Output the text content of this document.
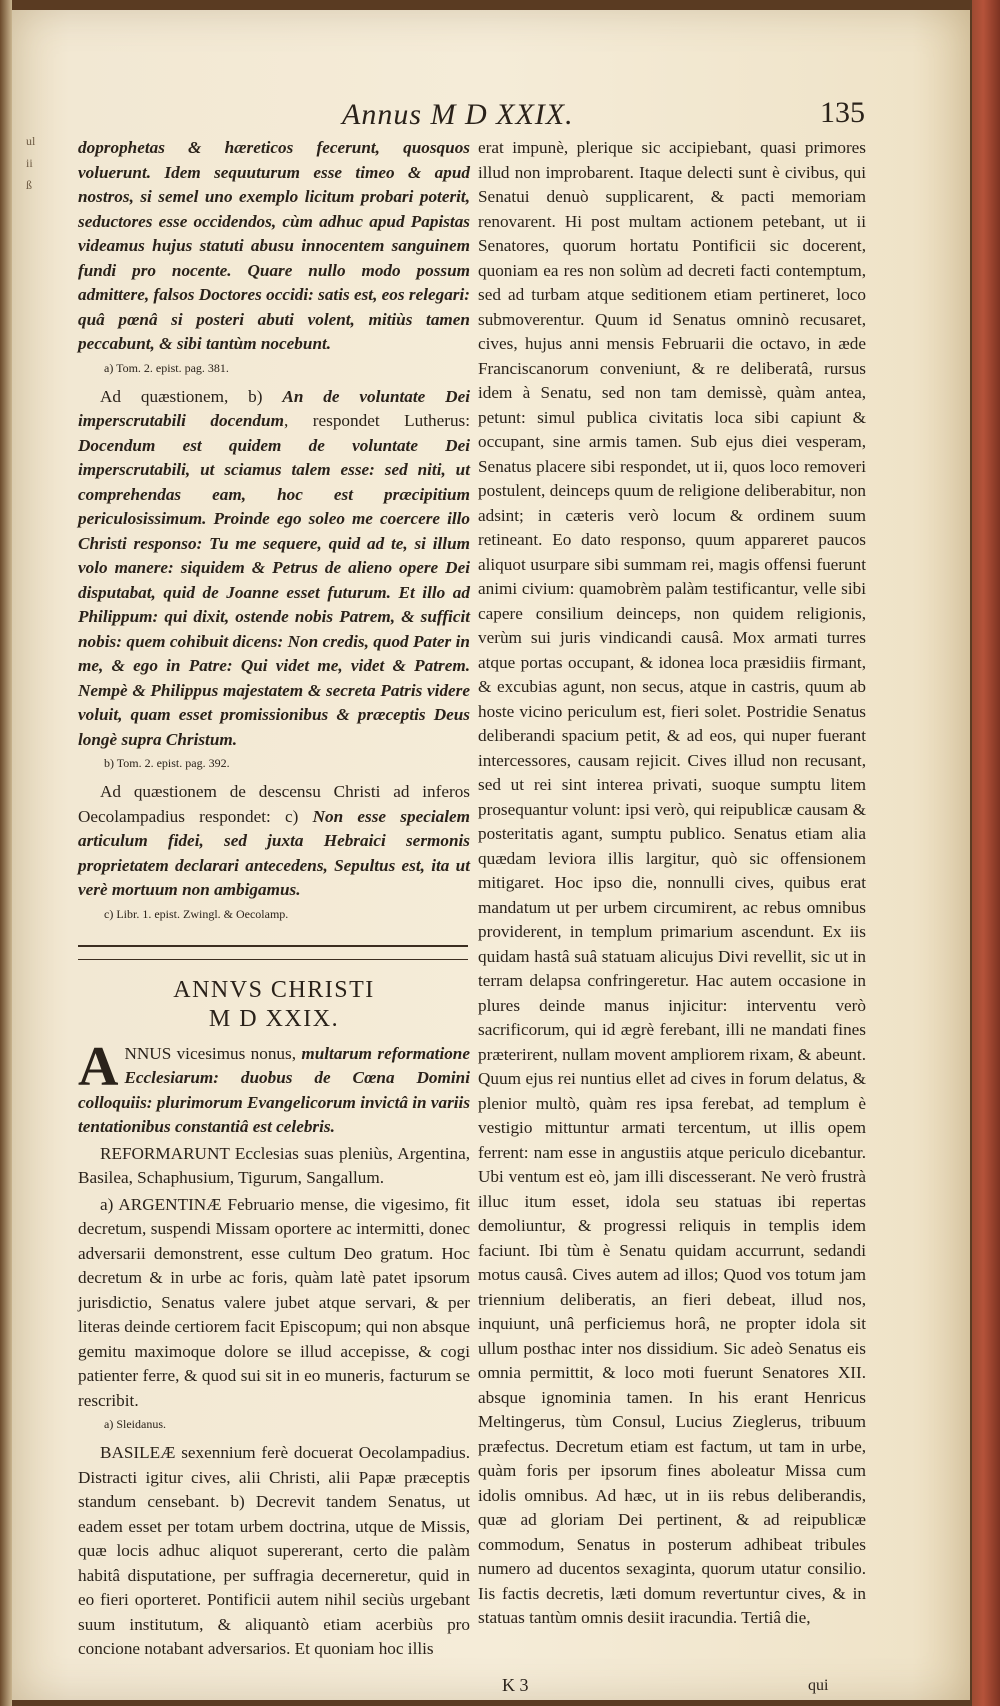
ul
ii
ß
Annus M D XXIX.	135

doprophetas & hæreticos fecerunt, quosquos voluerunt. Idem sequuturum esse timeo & apud nostros, si semel uno exemplo licitum probari poterit, seductores esse occidendos, cùm adhuc apud Papistas videamus hujus statuti abusu innocentem sanguinem fundi pro nocente. Quare nullo modo possum admittere, falsos Doctores occidi: satis est, eos relegari: quâ pœnâ si posteri abuti volent, mitiùs tamen peccabunt, & sibi tantùm nocebunt.

a) Tom. 2. epist. pag. 381.

Ad quæstionem, b) An de voluntate Dei imperscrutabili docendum, respondet Lutherus: Docendum est quidem de voluntate Dei imperscrutabili, ut sciamus talem esse: sed niti, ut comprehendas eam, hoc est præcipitium periculosissimum. Proinde ego soleo me coercere illo Christi responso: Tu me sequere, quid ad te, si illum volo manere: siquidem & Petrus de alieno opere Dei disputabat, quid de Joanne esset futurum. Et illo ad Philippum: qui dixit, ostende nobis Patrem, & sufficit nobis: quem cohibuit dicens: Non credis, quod Pater in me, & ego in Patre: Qui videt me, videt & Patrem. Nempè & Philippus majestatem & secreta Patris videre voluit, quam esset promissionibus & præceptis Deus longè supra Christum.

b) Tom. 2. epist. pag. 392.

Ad quæstionem de descensu Christi ad inferos Oecolampadius respondet: c) Non esse specialem articulum fidei, sed juxta Hebraici sermonis proprietatem declarari antecedens, Sepultus est, ita ut verè mortuum non ambigamus.

c) Libr. 1. epist. Zwingl. & Oecolamp.

ANNVS CHRISTI
M D XXIX.

ANNUS vicesimus nonus, multarum reformatione Ecclesiarum: duobus de Cœna Domini colloquiis: plurimorum Evangelicorum invictâ in variis tentationibus constantiâ est celebris.

REFORMARUNT Ecclesias suas pleniùs, Argentina, Basilea, Schaphusium, Tigurum, Sangallum.

a) ARGENTINÆ Februario mense, die vigesimo, fit decretum, suspendi Missam oportere ac intermitti, donec adversarii demonstrent, esse cultum Deo gratum. Hoc decretum & in urbe ac foris, quàm latè patet ipsorum jurisdictio, Senatus valere jubet atque servari, & per literas deinde certiorem facit Episcopum; qui non absque gemitu maximoque dolore se illud accepisse, & cogi patienter ferre, & quod sui sit in eo muneris, facturum se rescribit.

a) Sleidanus.

BASILEÆ sexennium ferè docuerat Oecolampadius. Distracti igitur cives, alii Christi, alii Papæ præceptis standum censebant. b) Decrevit tandem Senatus, ut eadem esset per totam urbem doctrina, utque de Missis, quæ locis adhuc aliquot supererant, certo die palàm habitâ disputatione, per suffragia decerneretur, quid in eo fieri oporteret. Pontificii autem nihil seciùs urgebant suum institutum, & aliquantò etiam acerbiùs pro concione notabant adversarios. Et quoniam hoc illis

erat impunè, plerique sic accipiebant, quasi primores illud non improbarent. Itaque delecti sunt è civibus, qui Senatui denuò supplicarent, & pacti memoriam renovarent. Hi post multam actionem petebant, ut ii Senatores, quorum hortatu Pontificii sic docerent, quoniam ea res non solùm ad decreti facti contemptum, sed ad turbam atque seditionem etiam pertineret, loco submoverentur. Quum id Senatus omninò recusaret, cives, hujus anni mensis Februarii die octavo, in æde Franciscanorum conveniunt, & re deliberatâ, rursus idem à Senatu, sed non tam demissè, quàm antea, petunt: simul publica civitatis loca sibi capiunt & occupant, sine armis tamen. Sub ejus diei vesperam, Senatus placere sibi respondet, ut ii, quos loco removeri postulent, deinceps quum de religione deliberabitur, non adsint; in cæteris verò locum & ordinem suum retineant. Eo dato responso, quum appareret paucos aliquot usurpare sibi summam rei, magis offensi fuerunt animi civium: quamobrèm palàm testificantur, velle sibi capere consilium deinceps, non quidem religionis, verùm sui juris vindicandi causâ. Mox armati turres atque portas occupant, & idonea loca præsidiis firmant, & excubias agunt, non secus, atque in castris, quum ab hoste vicino periculum est, fieri solet. Postridie Senatus deliberandi spacium petit, & ad eos, qui nuper fuerant intercessores, causam rejicit. Cives illud non recusant, sed ut rei sint interea privati, suoque sumptu litem prosequantur volunt: ipsi verò, qui reipublicæ causam & posteritatis agant, sumptu publico. Senatus etiam alia quædam leviora illis largitur, quò sic offensionem mitigaret. Hoc ipso die, nonnulli cives, quibus erat mandatum ut per urbem circumirent, ac rebus omnibus providerent, in templum primarium ascendunt. Ex iis quidam hastâ suâ statuam alicujus Divi revellit, sic ut in terram delapsa confringeretur. Hac autem occasione in plures deinde manus injicitur: interventu verò sacrificorum, qui id ægrè ferebant, illi ne mandati fines præterirent, nullam movent ampliorem rixam, & abeunt. Quum ejus rei nuntius ellet ad cives in forum delatus, & plenior multò, quàm res ipsa ferebat, ad templum è vestigio mittuntur armati tercentum, ut illis opem ferrent: nam esse in angustiis atque periculo dicebantur. Ubi ventum est eò, jam illi discesserant. Ne verò frustrà illuc itum esset, idola seu statuas ibi repertas demoliuntur, & progressi reliquis in templis idem faciunt. Ibi tùm è Senatu quidam accurrunt, sedandi motus causâ. Cives autem ad illos; Quod vos totum jam triennium deliberatis, an fieri debeat, illud nos, inquiunt, unâ perficiemus horâ, ne propter idola sit ullum posthac inter nos dissidium. Sic adeò Senatus eis omnia permittit, & loco moti fuerunt Senatores XII. absque ignominia tamen. In his erant Henricus Meltingerus, tùm Consul, Lucius Zieglerus, tribuum præfectus. Decretum etiam est factum, ut tam in urbe, quàm foris per ipsorum fines aboleatur Missa cum idolis omnibus. Ad hæc, ut in iis rebus deliberandis, quæ ad gloriam Dei pertinent, & ad reipublicæ commodum, Senatus in posterum adhibeat tribules numero ad ducentos sexaginta, quorum utatur consilio. Iis factis decretis, læti domum revertuntur cives, & in statuas tantùm omnis desiit iracundia. Tertiâ die,

K 3	qui
